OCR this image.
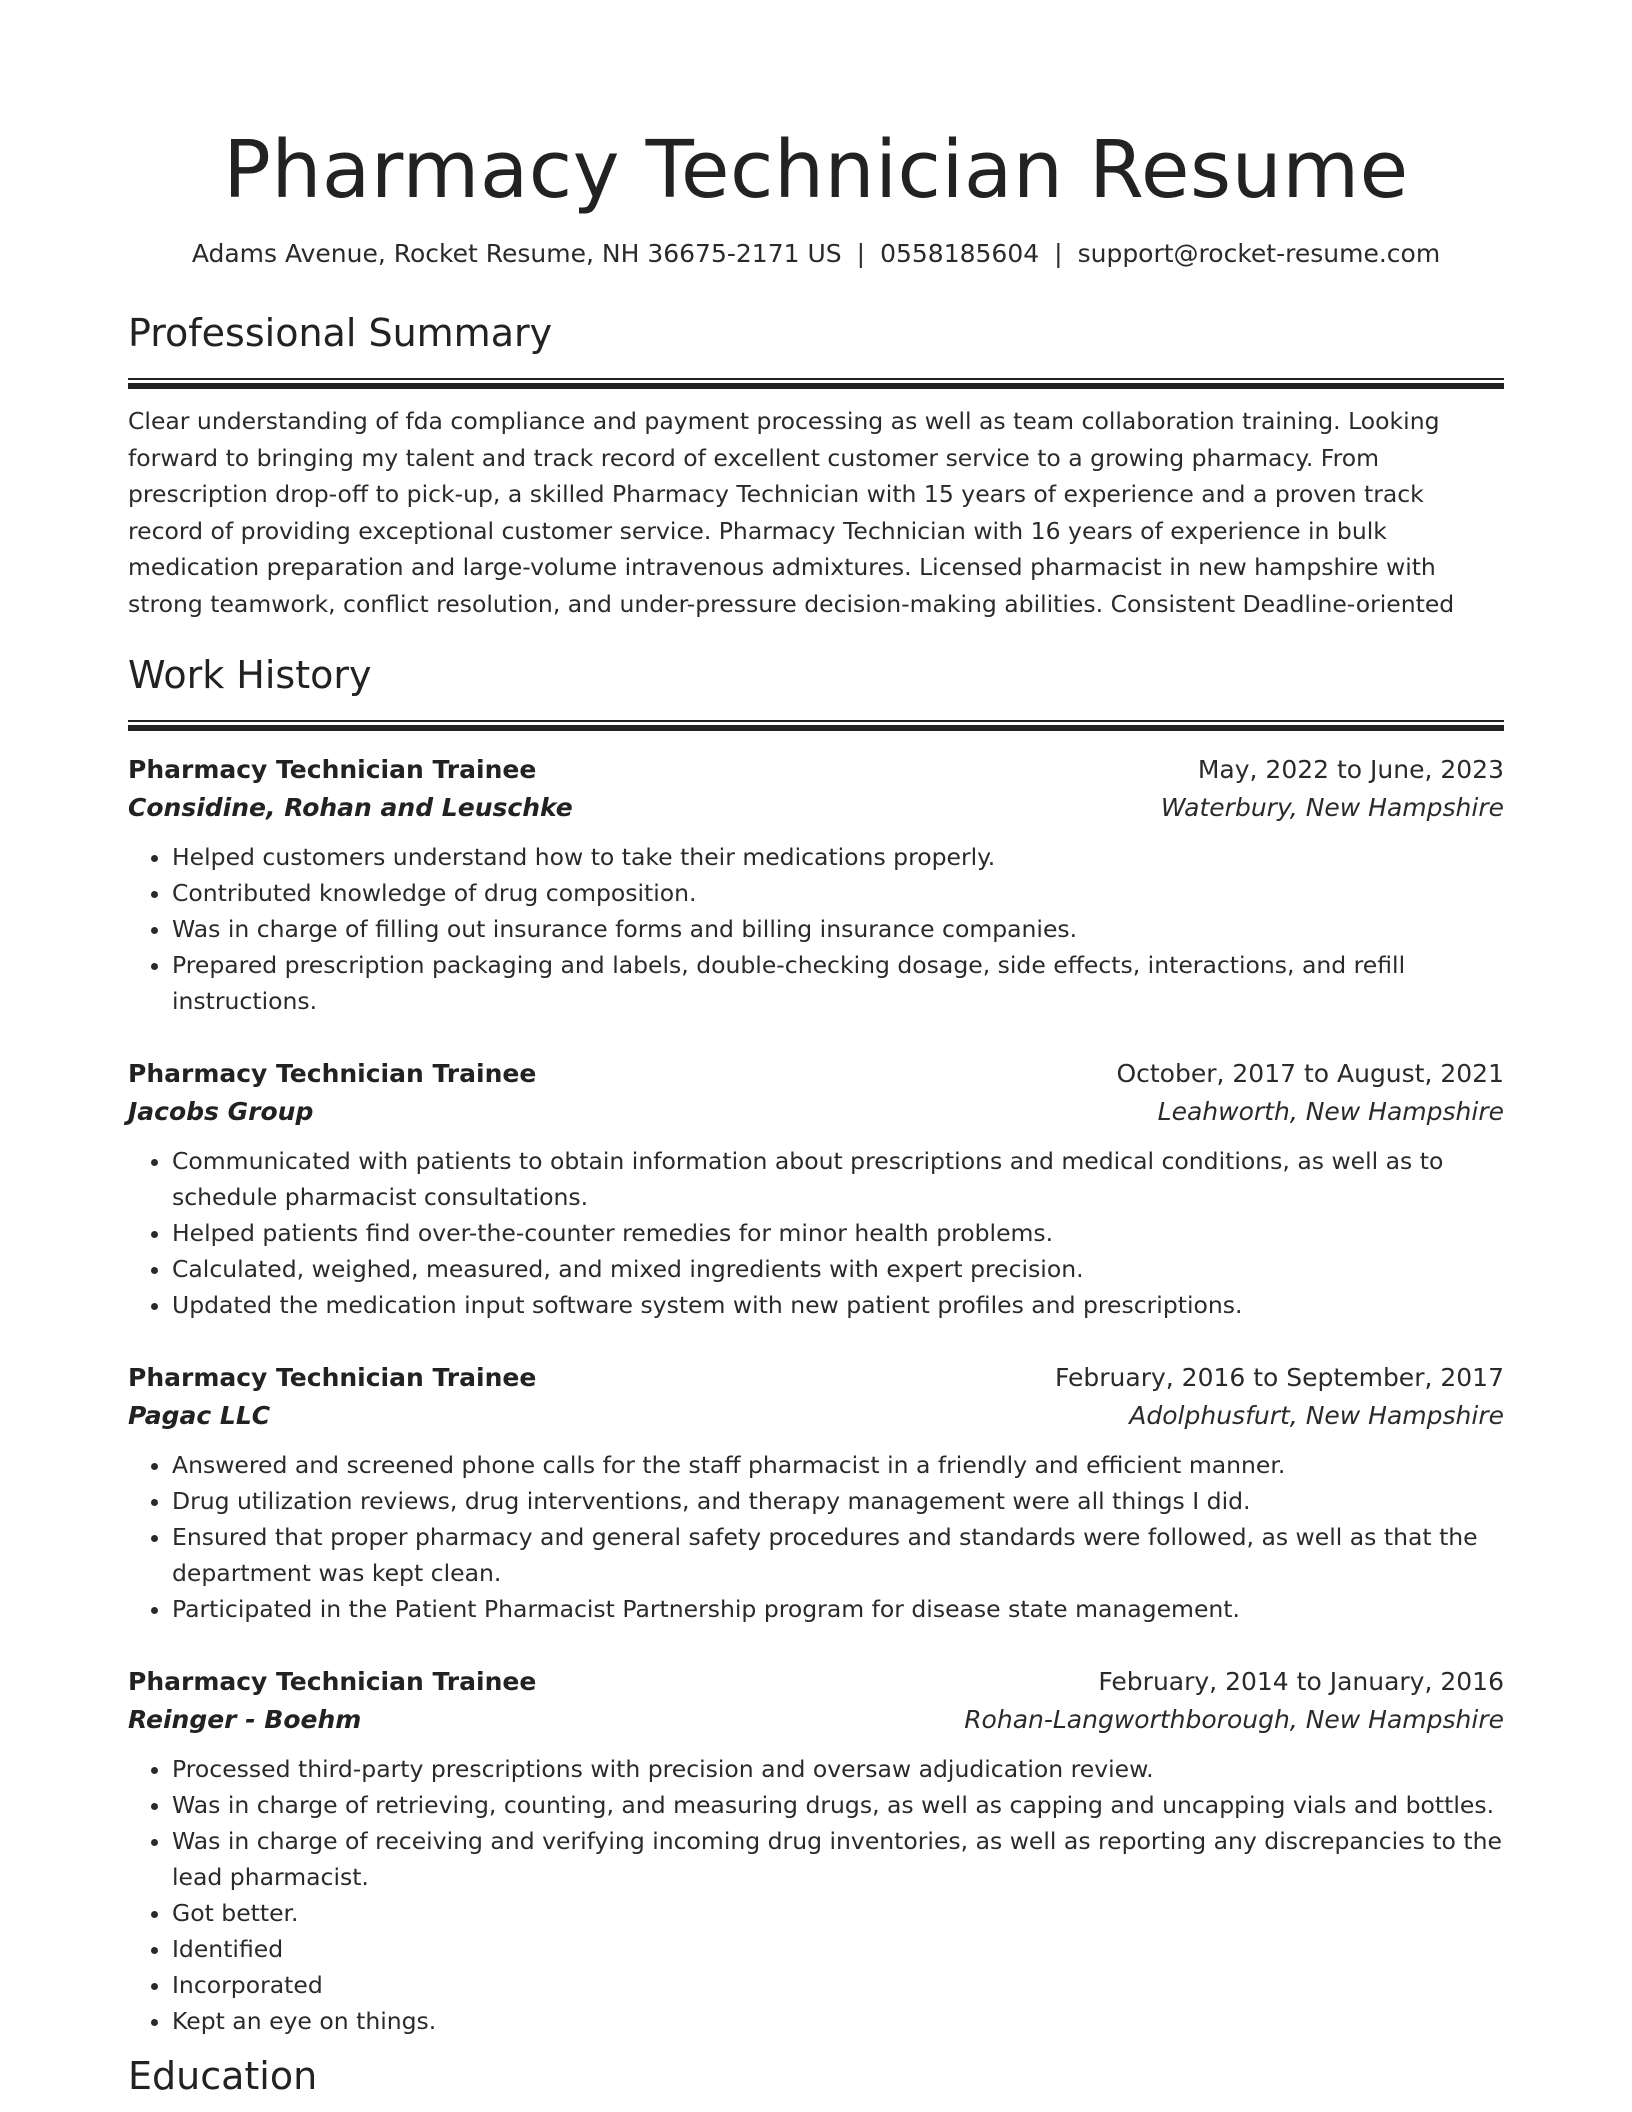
Pharmacy Technician Resume
Adams Avenue, Rocket Resume, NH 36675-2171 US | 0558185604 | support@rocket-resume.com
Professional Summary
Clear understanding of fda compliance and payment processing as well as team collaboration training. Looking forward to bringing my talent and track record of excellent customer service to a growing pharmacy. From prescription drop-off to pick-up, a skilled Pharmacy Technician with 15 years of experience and a proven track record of providing exceptional customer service. Pharmacy Technician with 16 years of experience in bulk medication preparation and large-volume intravenous admixtures. Licensed pharmacist in new hampshire with strong teamwork, conflict resolution, and under-pressure decision-making abilities. Consistent Deadline-oriented
Work History
Pharmacy Technician Trainee	May, 2022 to June, 2023
Considine, Rohan and Leuschke	Waterbury, New Hampshire
• Helped customers understand how to take their medications properly.
• Contributed knowledge of drug composition.
• Was in charge of filling out insurance forms and billing insurance companies.
• Prepared prescription packaging and labels, double-checking dosage, side effects, interactions, and refill instructions.
Pharmacy Technician Trainee	October, 2017 to August, 2021
Jacobs Group	Leahworth, New Hampshire
• Communicated with patients to obtain information about prescriptions and medical conditions, as well as to schedule pharmacist consultations.
• Helped patients find over-the-counter remedies for minor health problems.
• Calculated, weighed, measured, and mixed ingredients with expert precision.
• Updated the medication input software system with new patient profiles and prescriptions.
Pharmacy Technician Trainee	February, 2016 to September, 2017
Pagac LLC	Adolphusfurt, New Hampshire
• Answered and screened phone calls for the staff pharmacist in a friendly and efficient manner.
• Drug utilization reviews, drug interventions, and therapy management were all things I did.
• Ensured that proper pharmacy and general safety procedures and standards were followed, as well as that the department was kept clean.
• Participated in the Patient Pharmacist Partnership program for disease state management.
Pharmacy Technician Trainee	February, 2014 to January, 2016
Reinger - Boehm	Rohan-Langworthborough, New Hampshire
• Processed third-party prescriptions with precision and oversaw adjudication review.
• Was in charge of retrieving, counting, and measuring drugs, as well as capping and uncapping vials and bottles.
• Was in charge of receiving and verifying incoming drug inventories, as well as reporting any discrepancies to the lead pharmacist.
• Got better.
• Identified
• Incorporated
• Kept an eye on things.
Education
